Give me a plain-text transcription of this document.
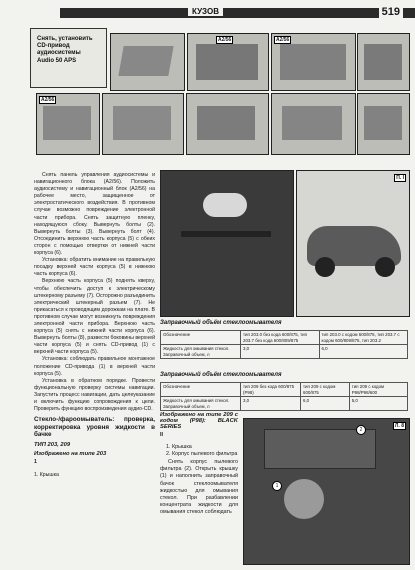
КУЗОВ	519
Снять, установить CD-привод аудиосистемы Audio 50 APS
A2/56	A2/56
A2/56

Снять панель управления аудиосистемы и навигационного блока (A2/56). Положить аудиосистему и навигационный блок (A2/56) на рабочее место, защищенное от электростатического воздействия. В противном случае возможно повреждение электронной части прибора. Снять защитную пленку, находящуюся сбоку. Вывернуть болты (2). Вывернуть болты (3). Вывернуть болт (4). Отсоединить верхнюю часть корпуса (5) с обеих сторон с помощью отвертки от нижней части корпуса (6).

Установка: обратить внимание на правильную посадку верхней части корпуса (5) в нижнюю часть корпуса (6).

Верхнюю часть корпуса (5) поднять кверху, чтобы обеспечить доступ к электрическому штекерному разъему (7). Осторожно разъединить электрический штекерный разъем (7). Не прикасаться к проводящим дорожкам на плате. В противном случае могут возникнуть повреждения электронной части прибора. Верхнюю часть корпуса (5) снять с нижней части корпуса (6). Вывернуть болты (8), развести боковины верхней части корпуса (5) и снять CD-привод (1) с верхней части корпуса (5).

Установка: соблюдать правильное монтажное положение CD-привода (1) в верхней части корпуса (5).

Установка в обратном порядке. Провести функциональную проверку системы навигации. Запустить процесс навигации, дать целеуказание и включить функцию сопровождения к цели. Проверить функцию воспроизведения аудио-CD.

Стекло-/фароомыватель: проверка, корректировка уровня жидкости в бачке
ТИП 203, 209
Изображено на типе 203
1
1. Крышка
П. I
Заправочный объём стеклоомывателя
Обозначение	тип 203.0 без кода 600/875, тип 203.7 без кода 600/809/875	тип 203.0 с кодом 600/875, тип 203.7 с кодом 600/809/875, тип 203.2
Жидкость для омывания стекол. Заправочный объем, л	3,0	6,0
Заправочный объём стеклоомывателя
Обозначение	тип 209 без кода 600/875 (P98)	тип 209 с кодом 600/875	тип 209 с кодом P98/P98/600
Жидкость для омывания стекол. Заправочный объем, л	3,0	6,0	5,0
Изображено на типе 209 с кодом (P98): BLACK SERIES
II
1. Крышка
2. Корпус пылевого фильтра

Снять корпус пылевого фильтра (2). Открыть крышку (1) и наполнить заправочный бачок стеклоомывателя жидкостью для омывания стекол. При разбавлении концентрата жидкости для омывания стекол соблюдать

Л. 8
2
1
